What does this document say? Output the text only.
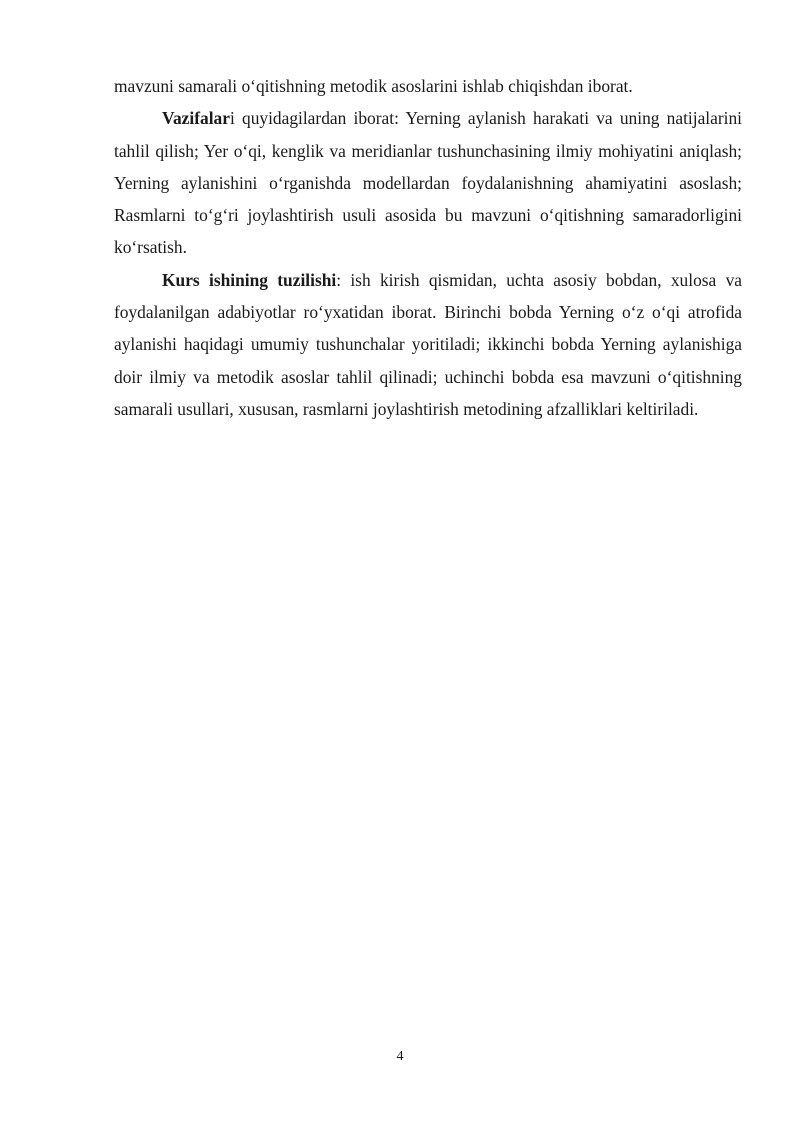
mavzuni samarali o‘qitishning metodik asoslarini ishlab chiqishdan iborat.

Vazifalari quyidagilardan iborat: Yerning aylanish harakati va uning natijalarini tahlil qilish; Yer o‘qi, kenglik va meridianlar tushunchasining ilmiy mohiyatini aniqlash; Yerning aylanishini o‘rganishda modellardan foydalanishning ahamiyatini asoslash; Rasmlarni to‘g‘ri joylashtirish usuli asosida bu mavzuni o‘qitishning samaradorligini ko‘rsatish.

Kurs ishining tuzilishi: ish kirish qismidan, uchta asosiy bobdan, xulosa va foydalanilgan adabiyotlar ro‘yxatidan iborat. Birinchi bobda Yerning o‘z o‘qi atrofida aylanishi haqidagi umumiy tushunchalar yoritiladi; ikkinchi bobda Yerning aylanishiga doir ilmiy va metodik asoslar tahlil qilinadi; uchinchi bobda esa mavzuni o‘qitishning samarali usullari, xususan, rasmlarni joylashtirish metodining afzalliklari keltiriladi.

4
